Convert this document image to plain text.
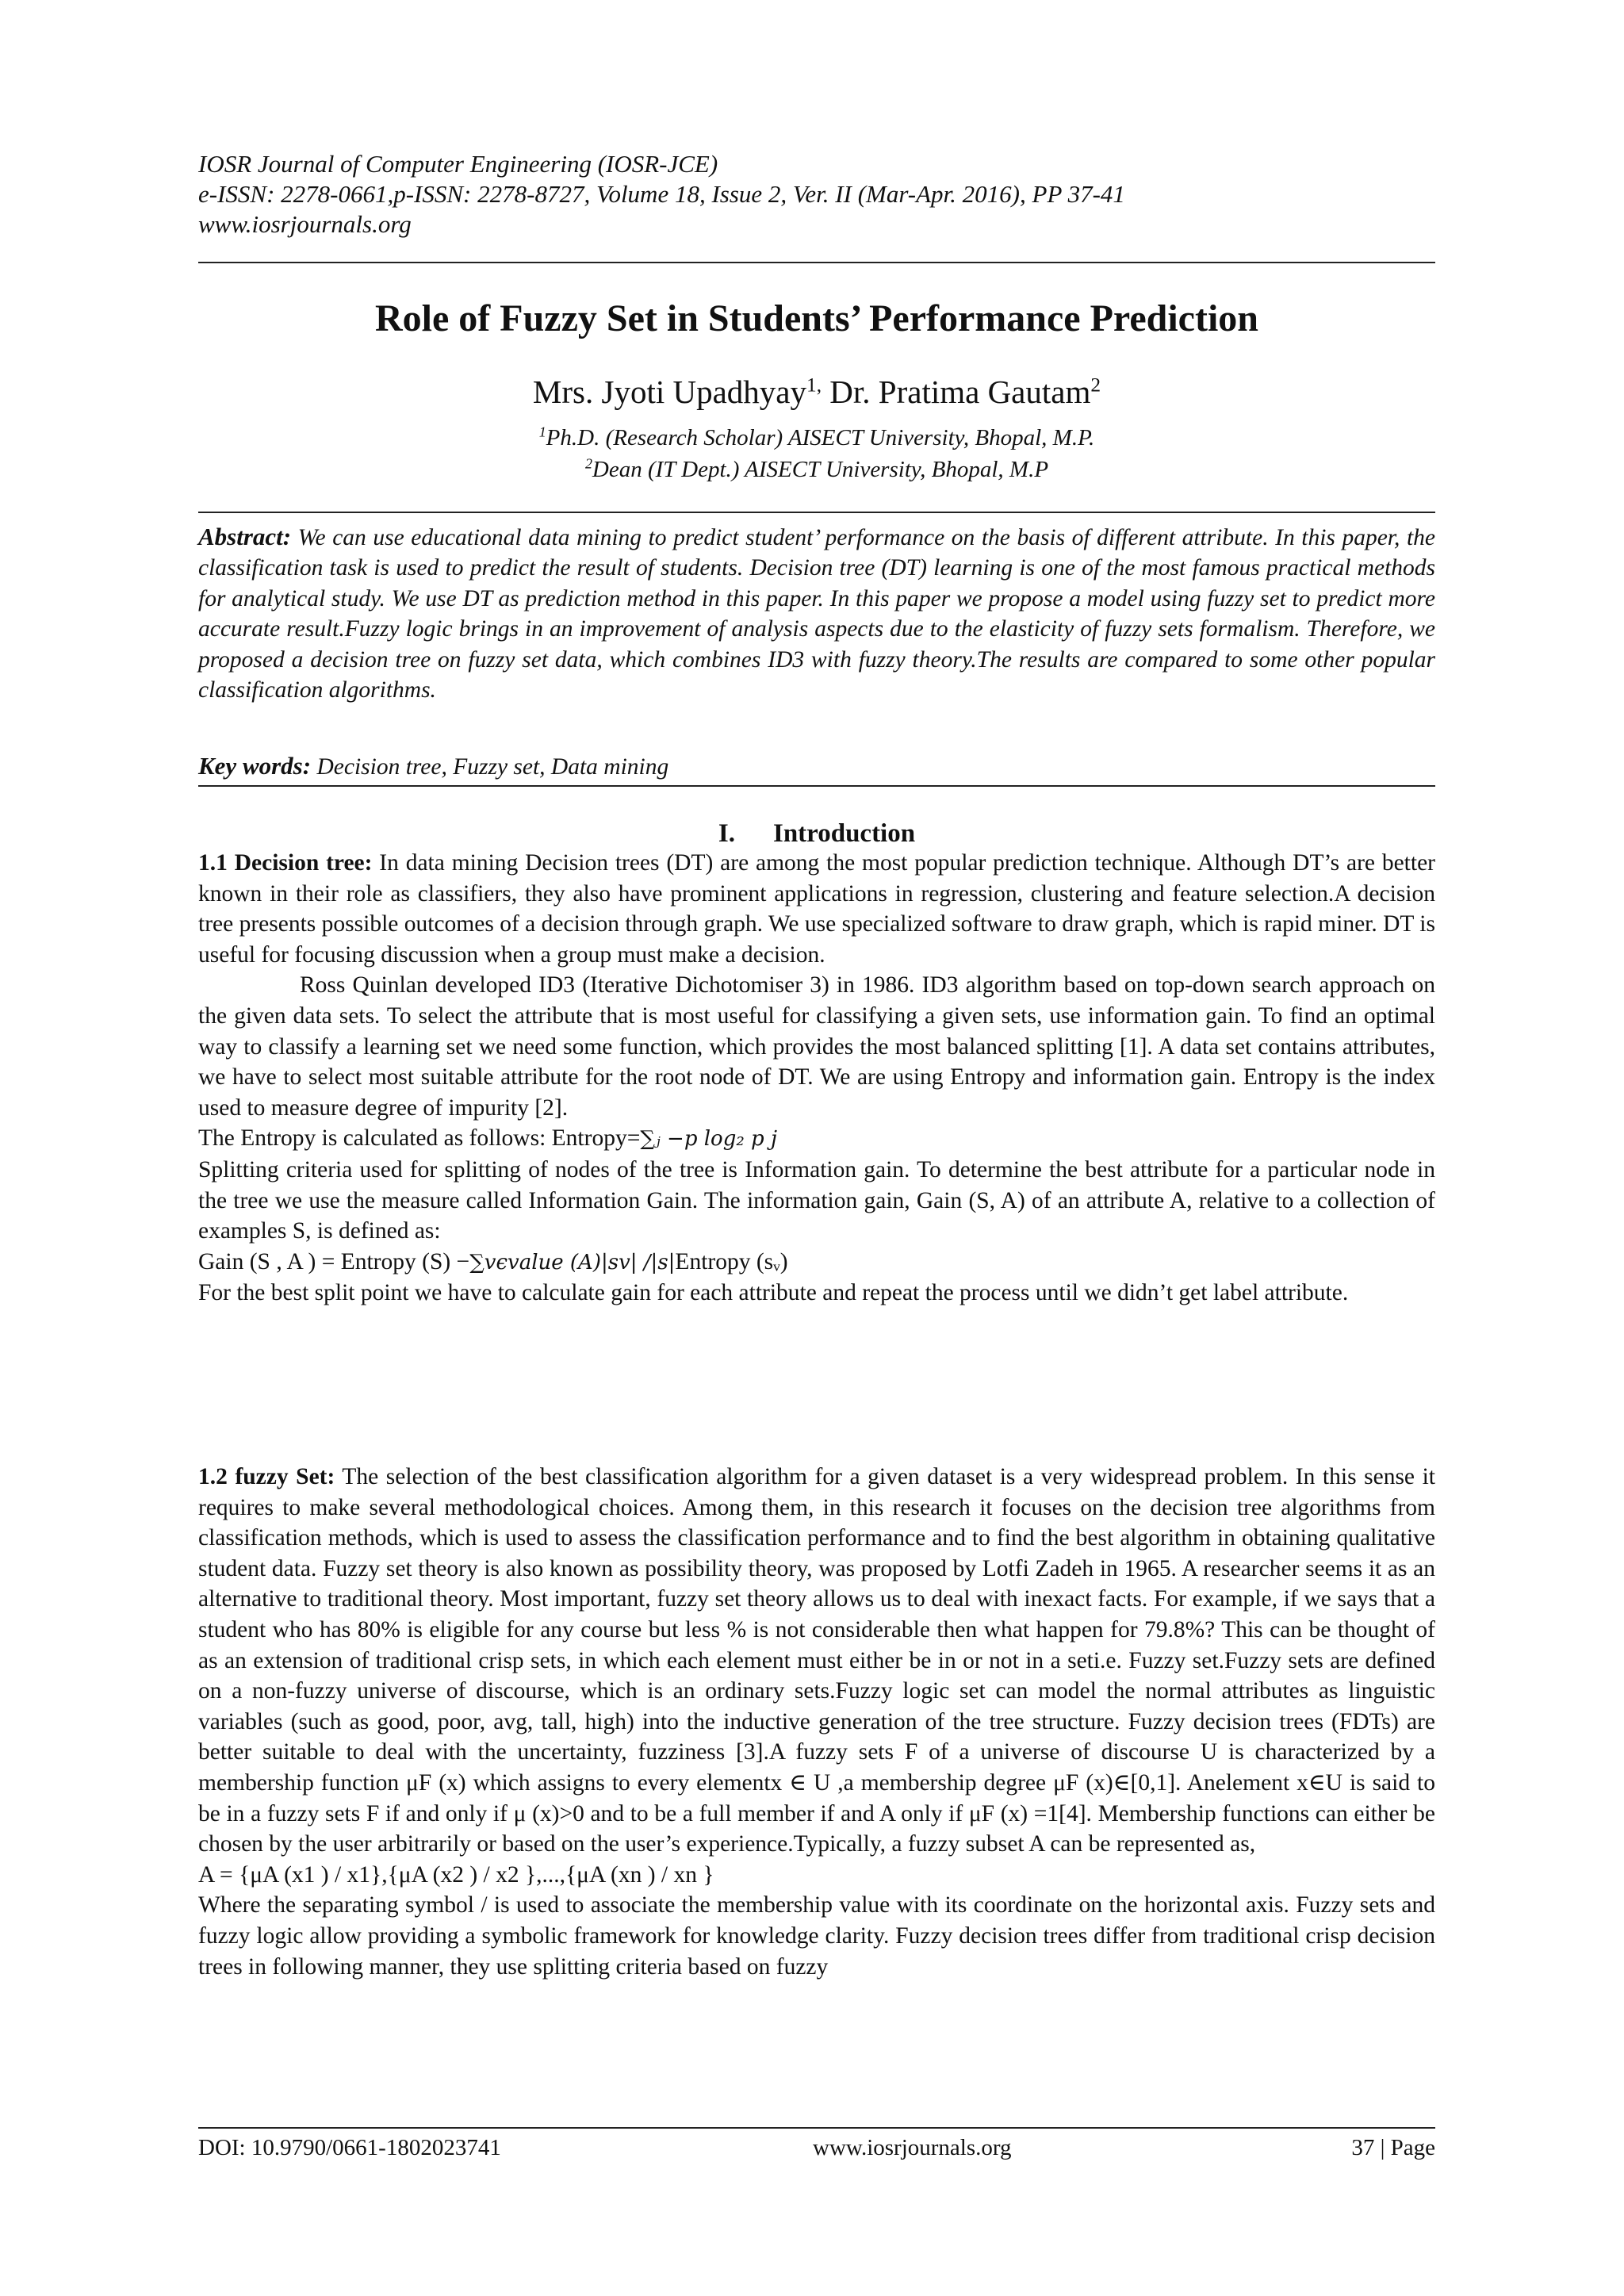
IOSR Journal of Computer Engineering (IOSR-JCE)
e-ISSN: 2278-0661,p-ISSN: 2278-8727, Volume 18, Issue 2, Ver. II (Mar-Apr. 2016), PP 37-41
www.iosrjournals.org
Role of Fuzzy Set in Students’ Performance Prediction
Mrs. Jyoti Upadhyay$^{1,}$ Dr. Pratima Gautam$^2$
$^1$Ph.D. (Research Scholar) AISECT University, Bhopal, M.P.
$^2$Dean (IT Dept.) AISECT University, Bhopal, M.P
Abstract: We can use educational data mining to predict student’ performance on the basis of different attribute. In this paper, the classification task is used to predict the result of students. Decision tree (DT) learning is one of the most famous practical methods for analytical study. We use DT as prediction method in this paper. In this paper we propose a model using fuzzy set to predict more accurate result.Fuzzy logic brings in an improvement of analysis aspects due to the elasticity of fuzzy sets formalism. Therefore, we proposed a decision tree on fuzzy set data, which combines ID3 with fuzzy theory.The results are compared to some other popular classification algorithms.
Key words: Decision tree, Fuzzy set, Data mining
I. Introduction

1.1 Decision tree: In data mining Decision trees (DT) are among the most popular prediction technique. Although DT’s are better known in their role as classifiers, they also have prominent applications in regression, clustering and feature selection.A decision tree presents possible outcomes of a decision through graph. We use specialized software to draw graph, which is rapid miner. DT is useful for focusing discussion when a group must make a decision.

Ross Quinlan developed ID3 (Iterative Dichotomiser 3) in 1986. ID3 algorithm based on top-down search approach on the given data sets. To select the attribute that is most useful for classifying a given sets, use information gain. To find an optimal way to classify a learning set we need some function, which provides the most balanced splitting [1]. A data set contains attributes, we have to select most suitable attribute for the root node of DT. We are using Entropy and information gain. Entropy is the index used to measure degree of impurity [2].

The Entropy is calculated as follows: Entropy=∑ⱼ −p log₂ p j

Splitting criteria used for splitting of nodes of the tree is Information gain. To determine the best attribute for a particular node in the tree we use the measure called Information Gain. The information gain, Gain (S, A) of an attribute A, relative to a collection of examples S, is defined as:

Gain (S , A ) = Entropy (S) −∑vϵvalue (A)|sv| /|s|Entropy (sᵥ)

For the best split point we have to calculate gain for each attribute and repeat the process until we didn’t get label attribute.

1.2 fuzzy Set: The selection of the best classification algorithm for a given dataset is a very widespread problem. In this sense it requires to make several methodological choices. Among them, in this research it focuses on the decision tree algorithms from classification methods, which is used to assess the classification performance and to find the best algorithm in obtaining qualitative student data. Fuzzy set theory is also known as possibility theory, was proposed by Lotfi Zadeh in 1965. A researcher seems it as an alternative to traditional theory. Most important, fuzzy set theory allows us to deal with inexact facts. For example, if we says that a student who has 80% is eligible for any course but less % is not considerable then what happen for 79.8%? This can be thought of as an extension of traditional crisp sets, in which each element must either be in or not in a seti.e. Fuzzy set.Fuzzy sets are defined on a non-fuzzy universe of discourse, which is an ordinary sets.Fuzzy logic set can model the normal attributes as linguistic variables (such as good, poor, avg, tall, high) into the inductive generation of the tree structure. Fuzzy decision trees (FDTs) are better suitable to deal with the uncertainty, fuzziness [3].A fuzzy sets F of a universe of discourse U is characterized by a membership function μF (x) which assigns to every elementx ∈ U ,a membership degree μF (x)∈[0,1]. Anelement x∈U is said to be in a fuzzy sets F if and only if μ (x)>0 and to be a full member if and A only if μF (x) =1[4]. Membership functions can either be chosen by the user arbitrarily or based on the user’s experience.Typically, a fuzzy subset A can be represented as,

A = {μA (x1 ) / x1},{μA (x2 ) / x2 },...,{μA (xn ) / xn }

Where the separating symbol / is used to associate the membership value with its coordinate on the horizontal axis. Fuzzy sets and fuzzy logic allow providing a symbolic framework for knowledge clarity. Fuzzy decision trees differ from traditional crisp decision trees in following manner, they use splitting criteria based on fuzzy

DOI: 10.9790/0661-1802023741	www.iosrjournals.org	37 | Page
